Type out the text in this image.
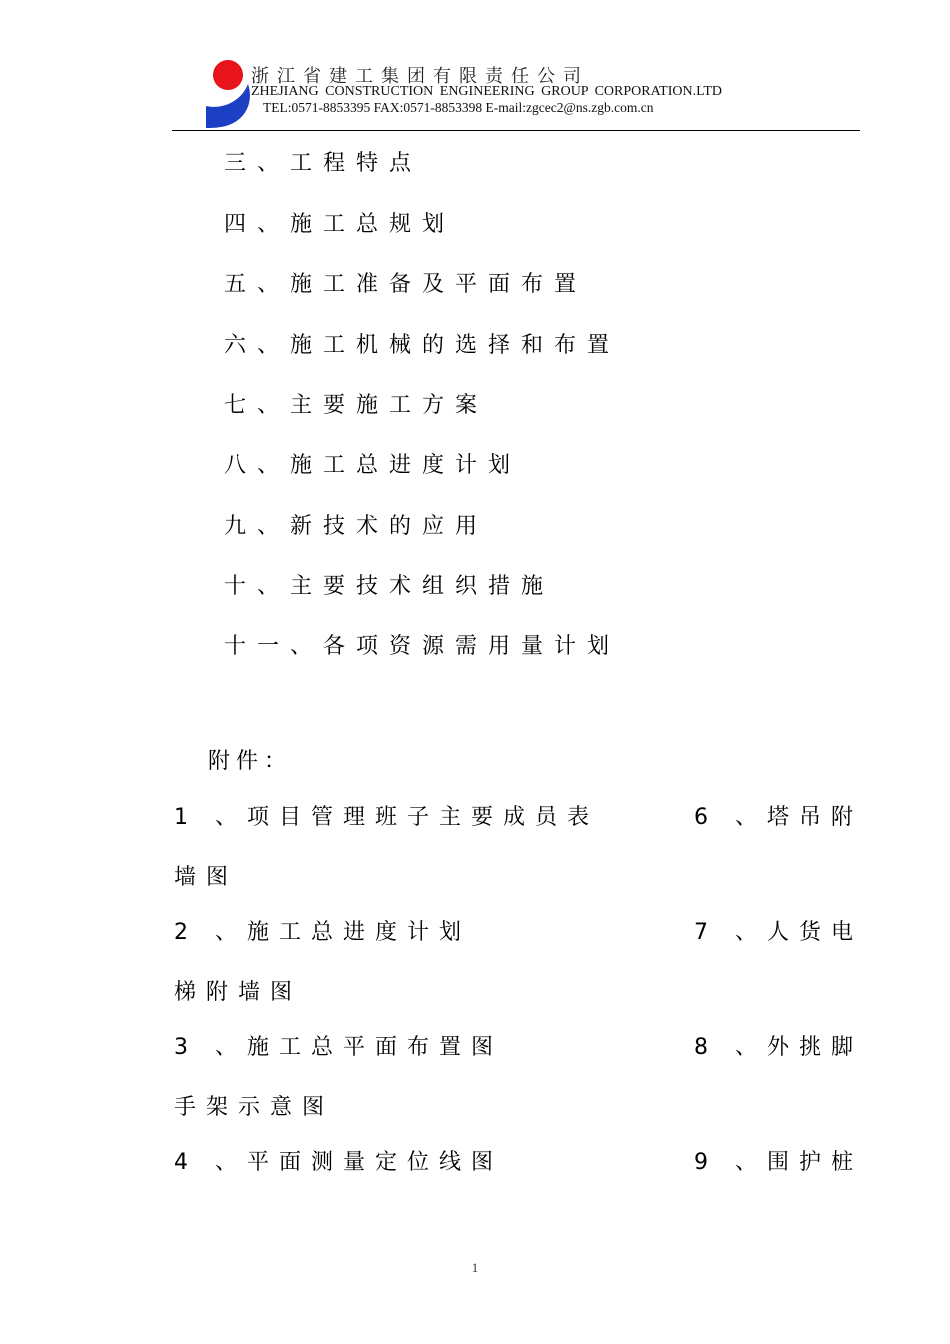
浙江省建工集团有限责任公司
ZHEJIANG CONSTRUCTION ENGINEERING GROUP CORPORATION.LTD
TEL:0571-8853395 FAX:0571-8853398 E-mail:zgcec2@ns.zgb.com.cn
三、工程特点
四、施工总规划
五、施工准备及平面布置
六、施工机械的选择和布置
七、主要施工方案
八、施工总进度计划
九、新技术的应用
十、主要技术组织措施
十一、各项资源需用量计划
附件：
1 、项目管理班子主要成员表	6 、塔吊附
墙图
2 、施工总进度计划	7 、人货电
梯附墙图
3 、施工总平面布置图	8 、外挑脚
手架示意图
4 、平面测量定位线图	9 、围护桩
1
